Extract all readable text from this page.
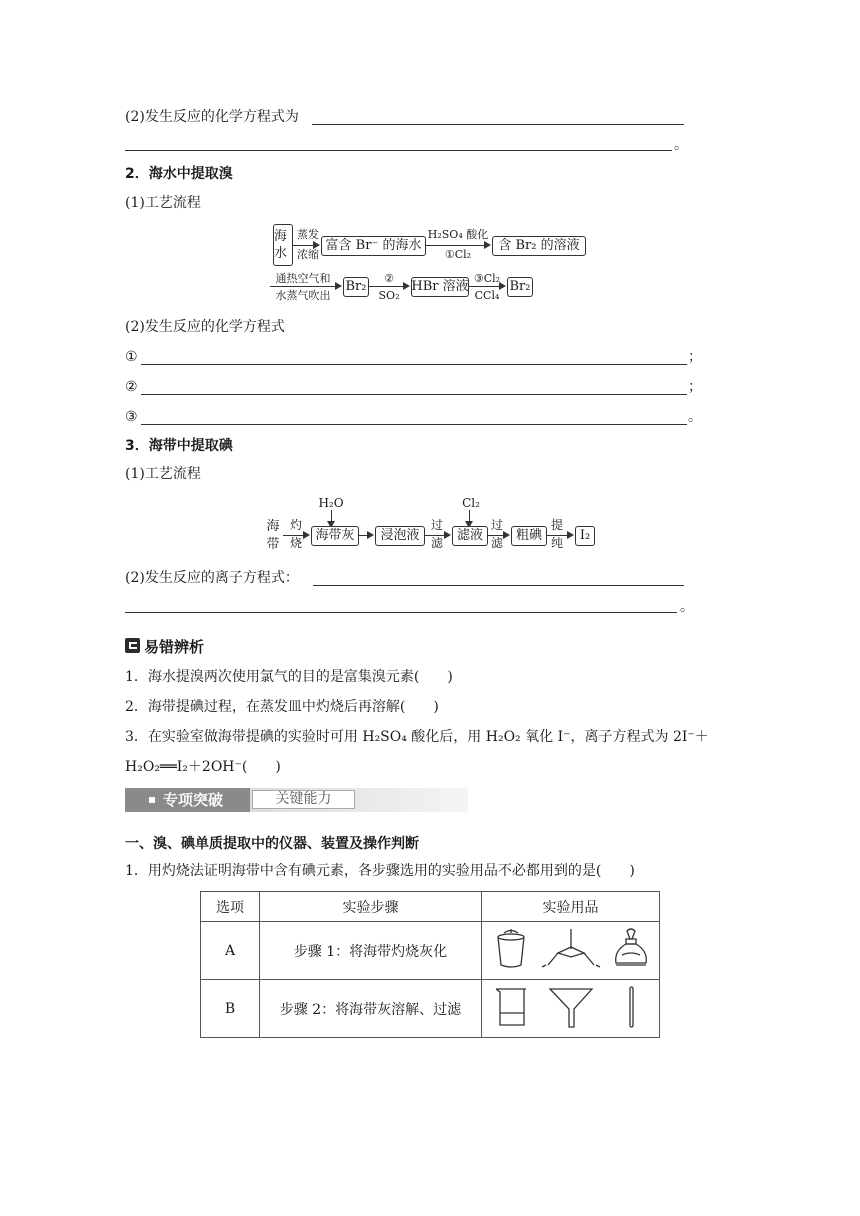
(2)发生反应的化学方程式为
。
2．海水中提取溴
(1)工艺流程
海水
蒸发
浓缩
富含 Br⁻ 的海水
H₂SO₄ 酸化
①Cl₂
含 Br₂ 的溶液
通热空气和
水蒸气吹出
Br₂
②
SO₂
HBr 溶液
③Cl₂
CCl₄
Br₂
(2)发生反应的化学方程式
①	；
②	；
③	。
3．海带中提取碘
(1)工艺流程
海带
灼烧
H₂O
海带灰	浸泡液
过滤
Cl₂
滤液
过滤 粗碘
提纯	I₂
(2)发生反应的离子方程式：
。
易错辨析
1．海水提溴两次使用氯气的目的是富集溴元素(　　)
2．海带提碘过程，在蒸发皿中灼烧后再溶解(　　)
3．在实验室做海带提碘的实验时可用 H₂SO₄ 酸化后，用 H₂O₂ 氧化 I⁻，离子方程式为 2I⁻＋
H₂O₂══I₂＋2OH⁻(　　)
专项突破	关键能力
一、溴、碘单质提取中的仪器、装置及操作判断
1．用灼烧法证明海带中含有碘元素，各步骤选用的实验用品不必都用到的是(　　)
选项	实验步骤	实验用品
A	步骤 1：将海带灼烧灰化	
B	步骤 2：将海带灰溶解、过滤	
